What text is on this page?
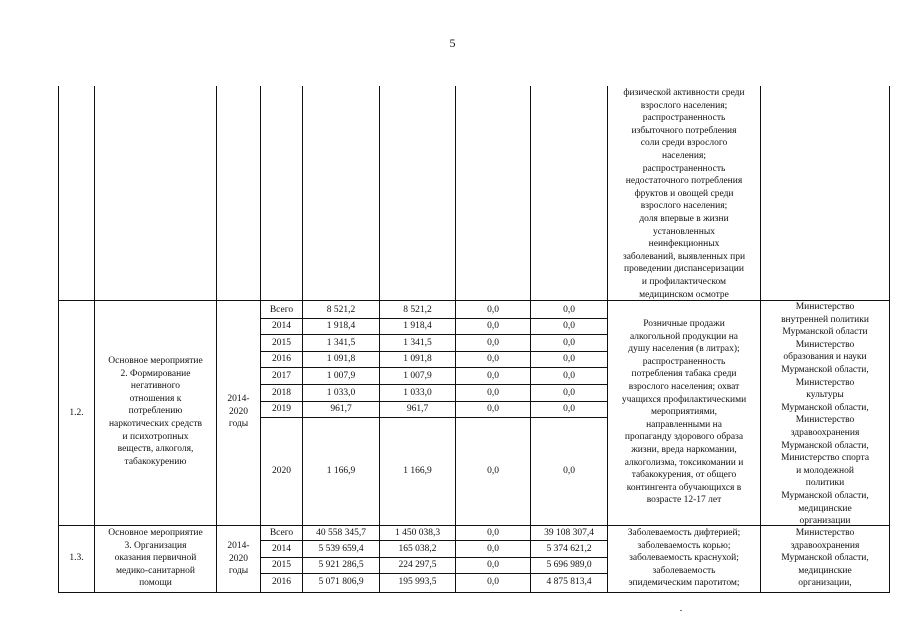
5
физической активности среди
взрослого населения;
распространенность
избыточного потребления
соли среди взрослого
населения;
распространенность
недостаточного потребления
фруктов и овощей среди
взрослого населения;
доля впервые в жизни
установленных
неинфекционных
заболеваний, выявленных при
проведении диспансеризации
и профилактическом
медицинском осмотре
1.2.
Основное мероприятие
2. Формирование
негативного
отношения к
потреблению
наркотических средств
и психотропных
веществ, алкоголя,
табакокурению
2014-
2020
годы
Всего	8 521,2	8 521,2	0,0	0,0
2014	1 918,4	1 918,4	0,0	0,0
2015	1 341,5	1 341,5	0,0	0,0
2016	1 091,8	1 091,8	0,0	0,0
2017	1 007,9	1 007,9	0,0	0,0
2018	1 033,0	1 033,0	0,0	0,0
2019	961,7	961,7	0,0	0,0
2020	1 166,9	1 166,9	0,0	0,0
Розничные продажи
алкогольной продукции на
душу населения (в литрах);
распространенность
потребления табака среди
взрослого населения; охват
учащихся профилактическими
мероприятиями,
направленными на
пропаганду здорового образа
жизни, вреда наркомании,
алкоголизма, токсикомании и
табакокурения, от общего
контингента обучающихся в
возрасте 12-17 лет
Министерство
внутренней политики
Мурманской области
Министерство
образования и науки
Мурманской области,
Министерство
культуры
Мурманской области,
Министерство
здравоохранения
Мурманской области,
Министерство спорта
и молодежной
политики
Мурманской области,
медицинские
организации
1.3.
Основное мероприятие
3. Организация
оказания первичной
медико-санитарной
помощи
2014-
2020
годы
Всего	40 558 345,7	1 450 038,3	0,0	39 108 307,4
2014	5 539 659,4	165 038,2	0,0	5 374 621,2
2015	5 921 286,5	224 297,5	0,0	5 696 989,0
2016	5 071 806,9	195 993,5	0,0	4 875 813,4
Заболеваемость дифтерией;
заболеваемость корью;
заболеваемость краснухой;
заболеваемость
эпидемическим паротитом;
Министерство
здравоохранения
Мурманской области,
медицинские
организации,
